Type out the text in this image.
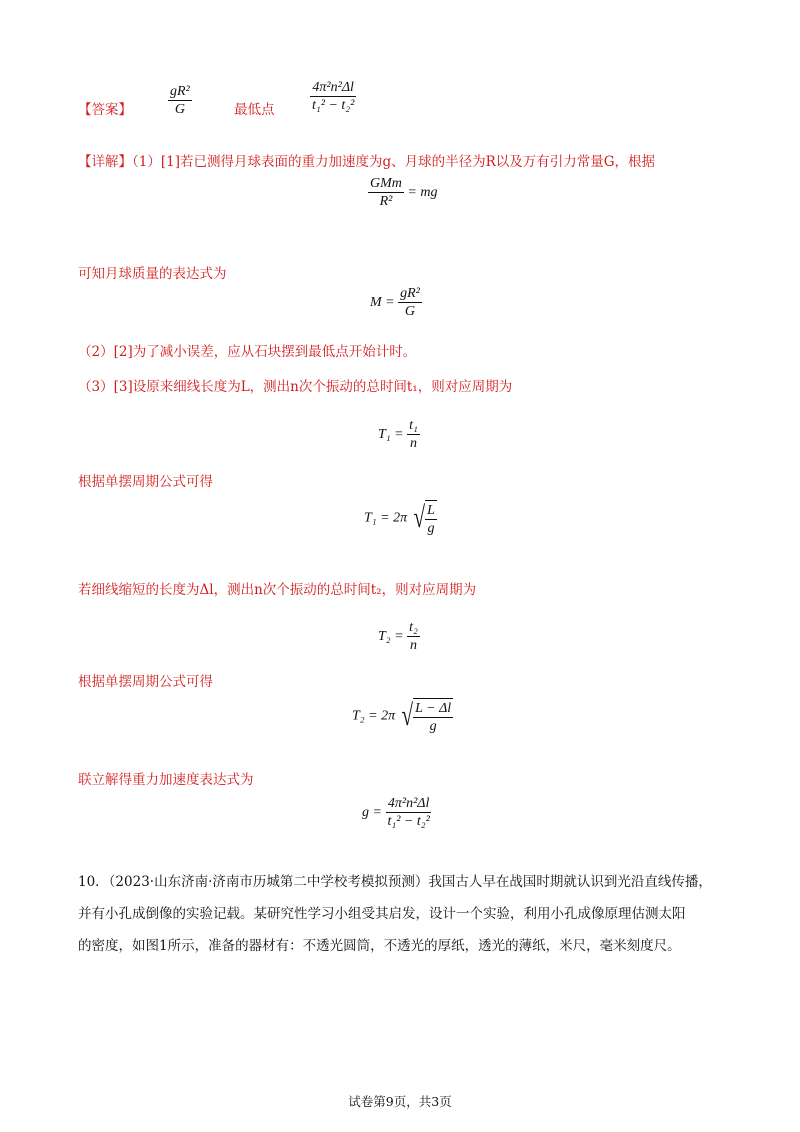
【答案】	$\frac{\text{gR²}}{G}$	最低点	$\frac{\text{4π²n²Δl}}{\text{t₁² − t₂²}}$
【详解】（1）[1]若已测得月球表面的重力加速度为g、月球的半径为R以及万有引力常量G，根据
$\frac{\text{GMm}}{\text{R²}}$ = mg
可知月球质量的表达式为
$M = \frac{\text{gR²}}{G}$
（2）[2]为了减小误差，应从石块摆到最低点开始计时。
（3）[3]设原来细线长度为L，测出n次个振动的总时间t₁，则对应周期为
$T_1 = \frac{\text{t₁}}{n}$
根据单摆周期公式可得
T₁ = 2π √ $\frac{L}{g}$
若细线缩短的长度为Δl，测出n次个振动的总时间t₂，则对应周期为
$T_2 = \frac{\text{t₂}}{n}$
根据单摆周期公式可得
T₂ = 2π √ $\frac{L - \Delta l}{g}$
联立解得重力加速度表达式为
$g = \frac{\text{4π²n²Δl}}{\text{t₁² − t₂²}}$
10．（2023·山东济南·济南市历城第二中学校考模拟预测）我国古人早在战国时期就认识到光沿直线传播，
并有小孔成倒像的实验记载。某研究性学习小组受其启发，设计一个实验，利用小孔成像原理估测太阳
的密度，如图1所示，准备的器材有：不透光圆筒，不透光的厚纸，透光的薄纸，米尺，毫米刻度尺。
试卷第9页，共3页
